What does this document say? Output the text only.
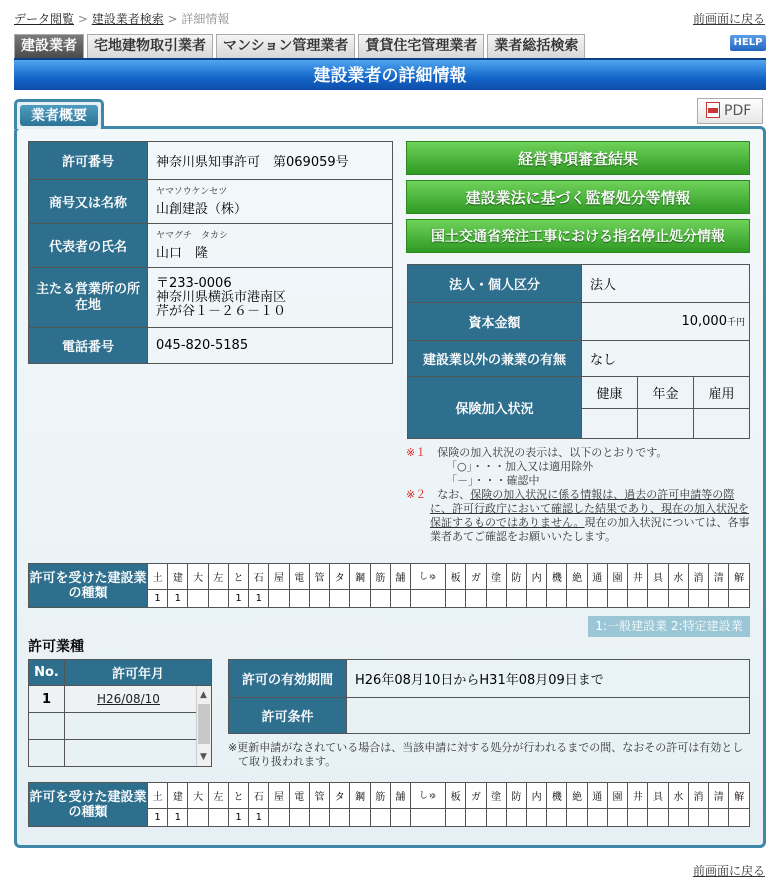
データ閲覧 > 建設業者検索 > 詳細情報	前画面に戻る
建設業者	宅地建物取引業者	マンション管理業者	賃貸住宅管理業者	業者総括検索	HELP
建設業者の詳細情報
業者概要	PDF
許可番号	神奈川県知事許可　第069059号
商号又は名称	ヤマソウケンセツ
山創建設（株）
代表者の氏名	ヤマグチ　タカシ
山口　隆
主たる営業所の所在地	〒233-0006
神奈川県横浜市港南区
芹が谷１－２６－１０

電話番号	045-820-5185
経営事項審査結果
建設業法に基づく監督処分等情報
国土交通省発注工事における指名停止処分情報
法人・個人区分	法人		
資本金額	10,000千円		
建設業以外の兼業の有無	なし		
保険加入状況	健康	年金	雇用

※１　 保険の加入状況の表示は、以下のとおりです。
「○」・・・加入又は適用除外
「－」・・・確認中
※２　 なお、保険の加入状況に係る情報は、過去の許可申請等の際に、許可行政庁において確認した結果であり、現在の加入状況を保証するものではありません。現在の加入状況については、各事業者あてご確認をお願いいたします。
許可を受けた建設業の種類	土	建	大	左	と	石	屋	電	管	タ	鋼	筋	舗	しゅ	板	ガ	塗	防	内	機	絶	通	園	井	具	水	消	清	解
	1	1			1	1																							
1:一般建設業 2:特定建設業
許可業種
No.	許可年月
1	H26/08/10

		▲
▼
許可の有効期間	H26年08月10日からH31年08月09日まで
許可条件	
※更新申請がなされている場合は、当該申請に対する処分が行われるまでの間、なおその許可は有効として取り扱われます。
許可を受けた建設業の種類	土	建	大	左	と	石	屋	電	管	タ	鋼	筋	舗	しゅ	板	ガ	塗	防	内	機	絶	通	園	井	具	水	消	清	解
	1	1			1	1																							
前画面に戻る
